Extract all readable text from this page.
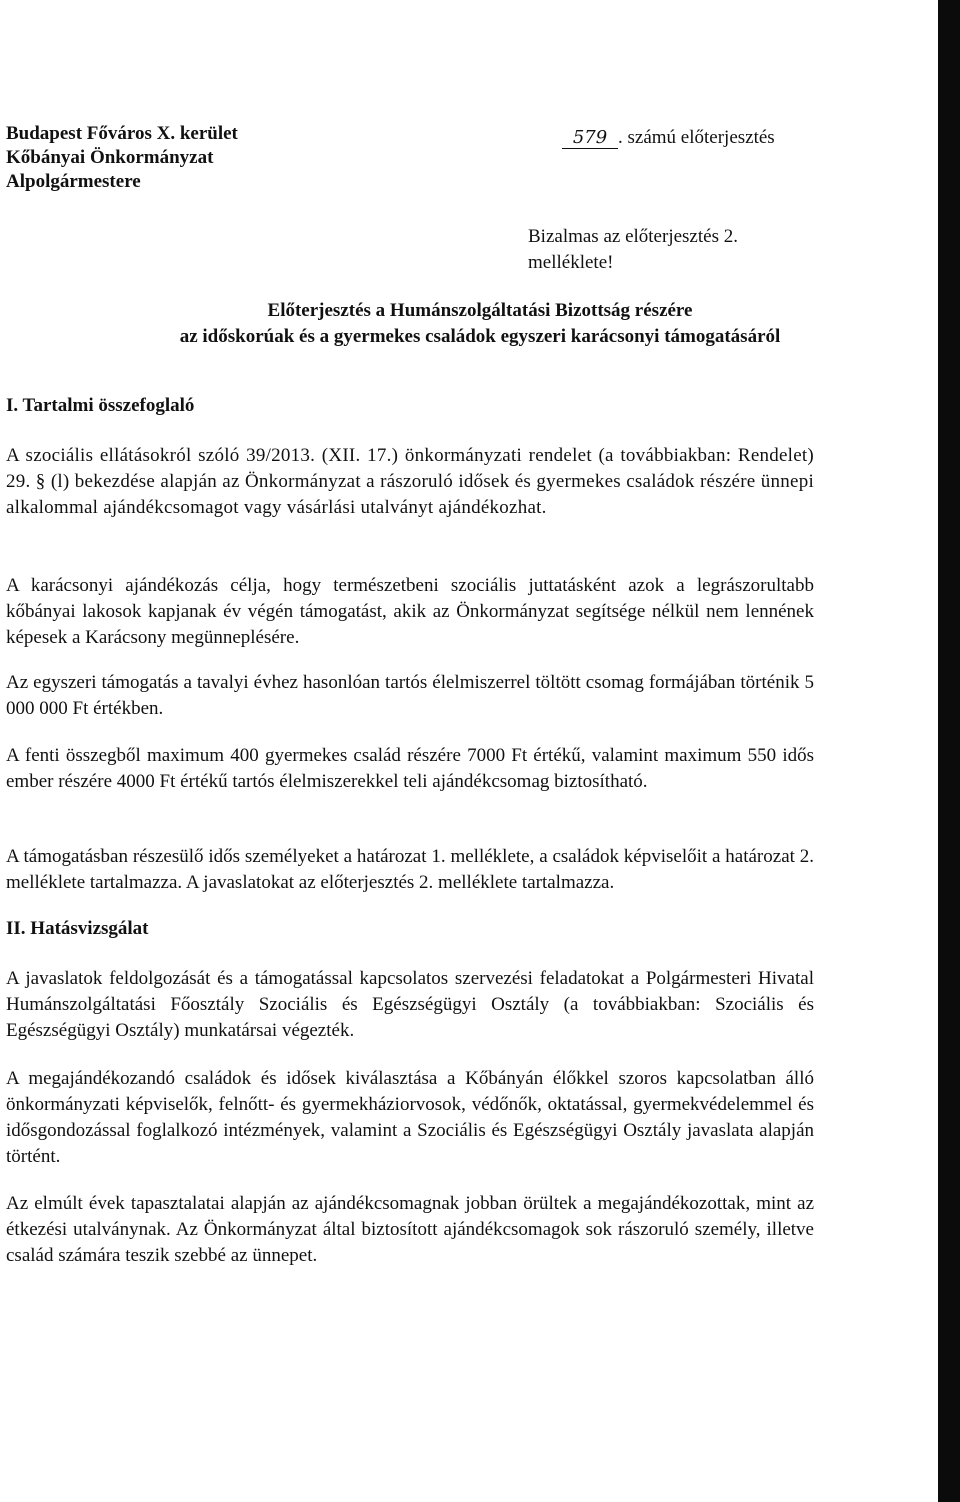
Budapest Főváros X. kerület
Kőbányai Önkormányzat
Alpolgármestere
579 . számú előterjesztés
Bizalmas az előterjesztés 2. melléklete!
Előterjesztés a Humánszolgáltatási Bizottság részére
az időskorúak és a gyermekes családok egyszeri karácsonyi támogatásáról
I. Tartalmi összefoglaló
A szociális ellátásokról szóló 39/2013. (XII. 17.) önkormányzati rendelet (a továbbiakban: Rendelet) 29. § (l) bekezdése alapján az Önkormányzat a rászoruló idősek és gyermekes családok részére ünnepi alkalommal ajándékcsomagot vagy vásárlási utalványt ajándékozhat.
A karácsonyi ajándékozás célja, hogy természetbeni szociális juttatásként azok a legrászorultabb kőbányai lakosok kapjanak év végén támogatást, akik az Önkormányzat segítsége nélkül nem lennének képesek a Karácsony megünneplésére.
Az egyszeri támogatás a tavalyi évhez hasonlóan tartós élelmiszerrel töltött csomag formájában történik 5 000 000 Ft értékben.
A fenti összegből maximum 400 gyermekes család részére 7000 Ft értékű, valamint maximum 550 idős ember részére 4000 Ft értékű tartós élelmiszerekkel teli ajándékcsomag biztosítható.
A támogatásban részesülő idős személyeket a határozat 1. melléklete, a családok képviselőit a határozat 2. melléklete tartalmazza. A javaslatokat az előterjesztés 2. melléklete tartalmazza.
II. Hatásvizsgálat
A javaslatok feldolgozását és a támogatással kapcsolatos szervezési feladatokat a Polgármesteri Hivatal Humánszolgáltatási Főosztály Szociális és Egészségügyi Osztály (a továbbiakban: Szociális és Egészségügyi Osztály) munkatársai végezték.
A megajándékozandó családok és idősek kiválasztása a Kőbányán élőkkel szoros kapcsolatban álló önkormányzati képviselők, felnőtt- és gyermekháziorvosok, védőnők, oktatással, gyermekvédelemmel és idősgondozással foglalkozó intézmények, valamint a Szociális és Egészségügyi Osztály javaslata alapján történt.
Az elmúlt évek tapasztalatai alapján az ajándékcsomagnak jobban örültek a megajándékozottak, mint az étkezési utalványnak. Az Önkormányzat által biztosított ajándékcsomagok sok rászoruló személy, illetve család számára teszik szebbé az ünnepet.
